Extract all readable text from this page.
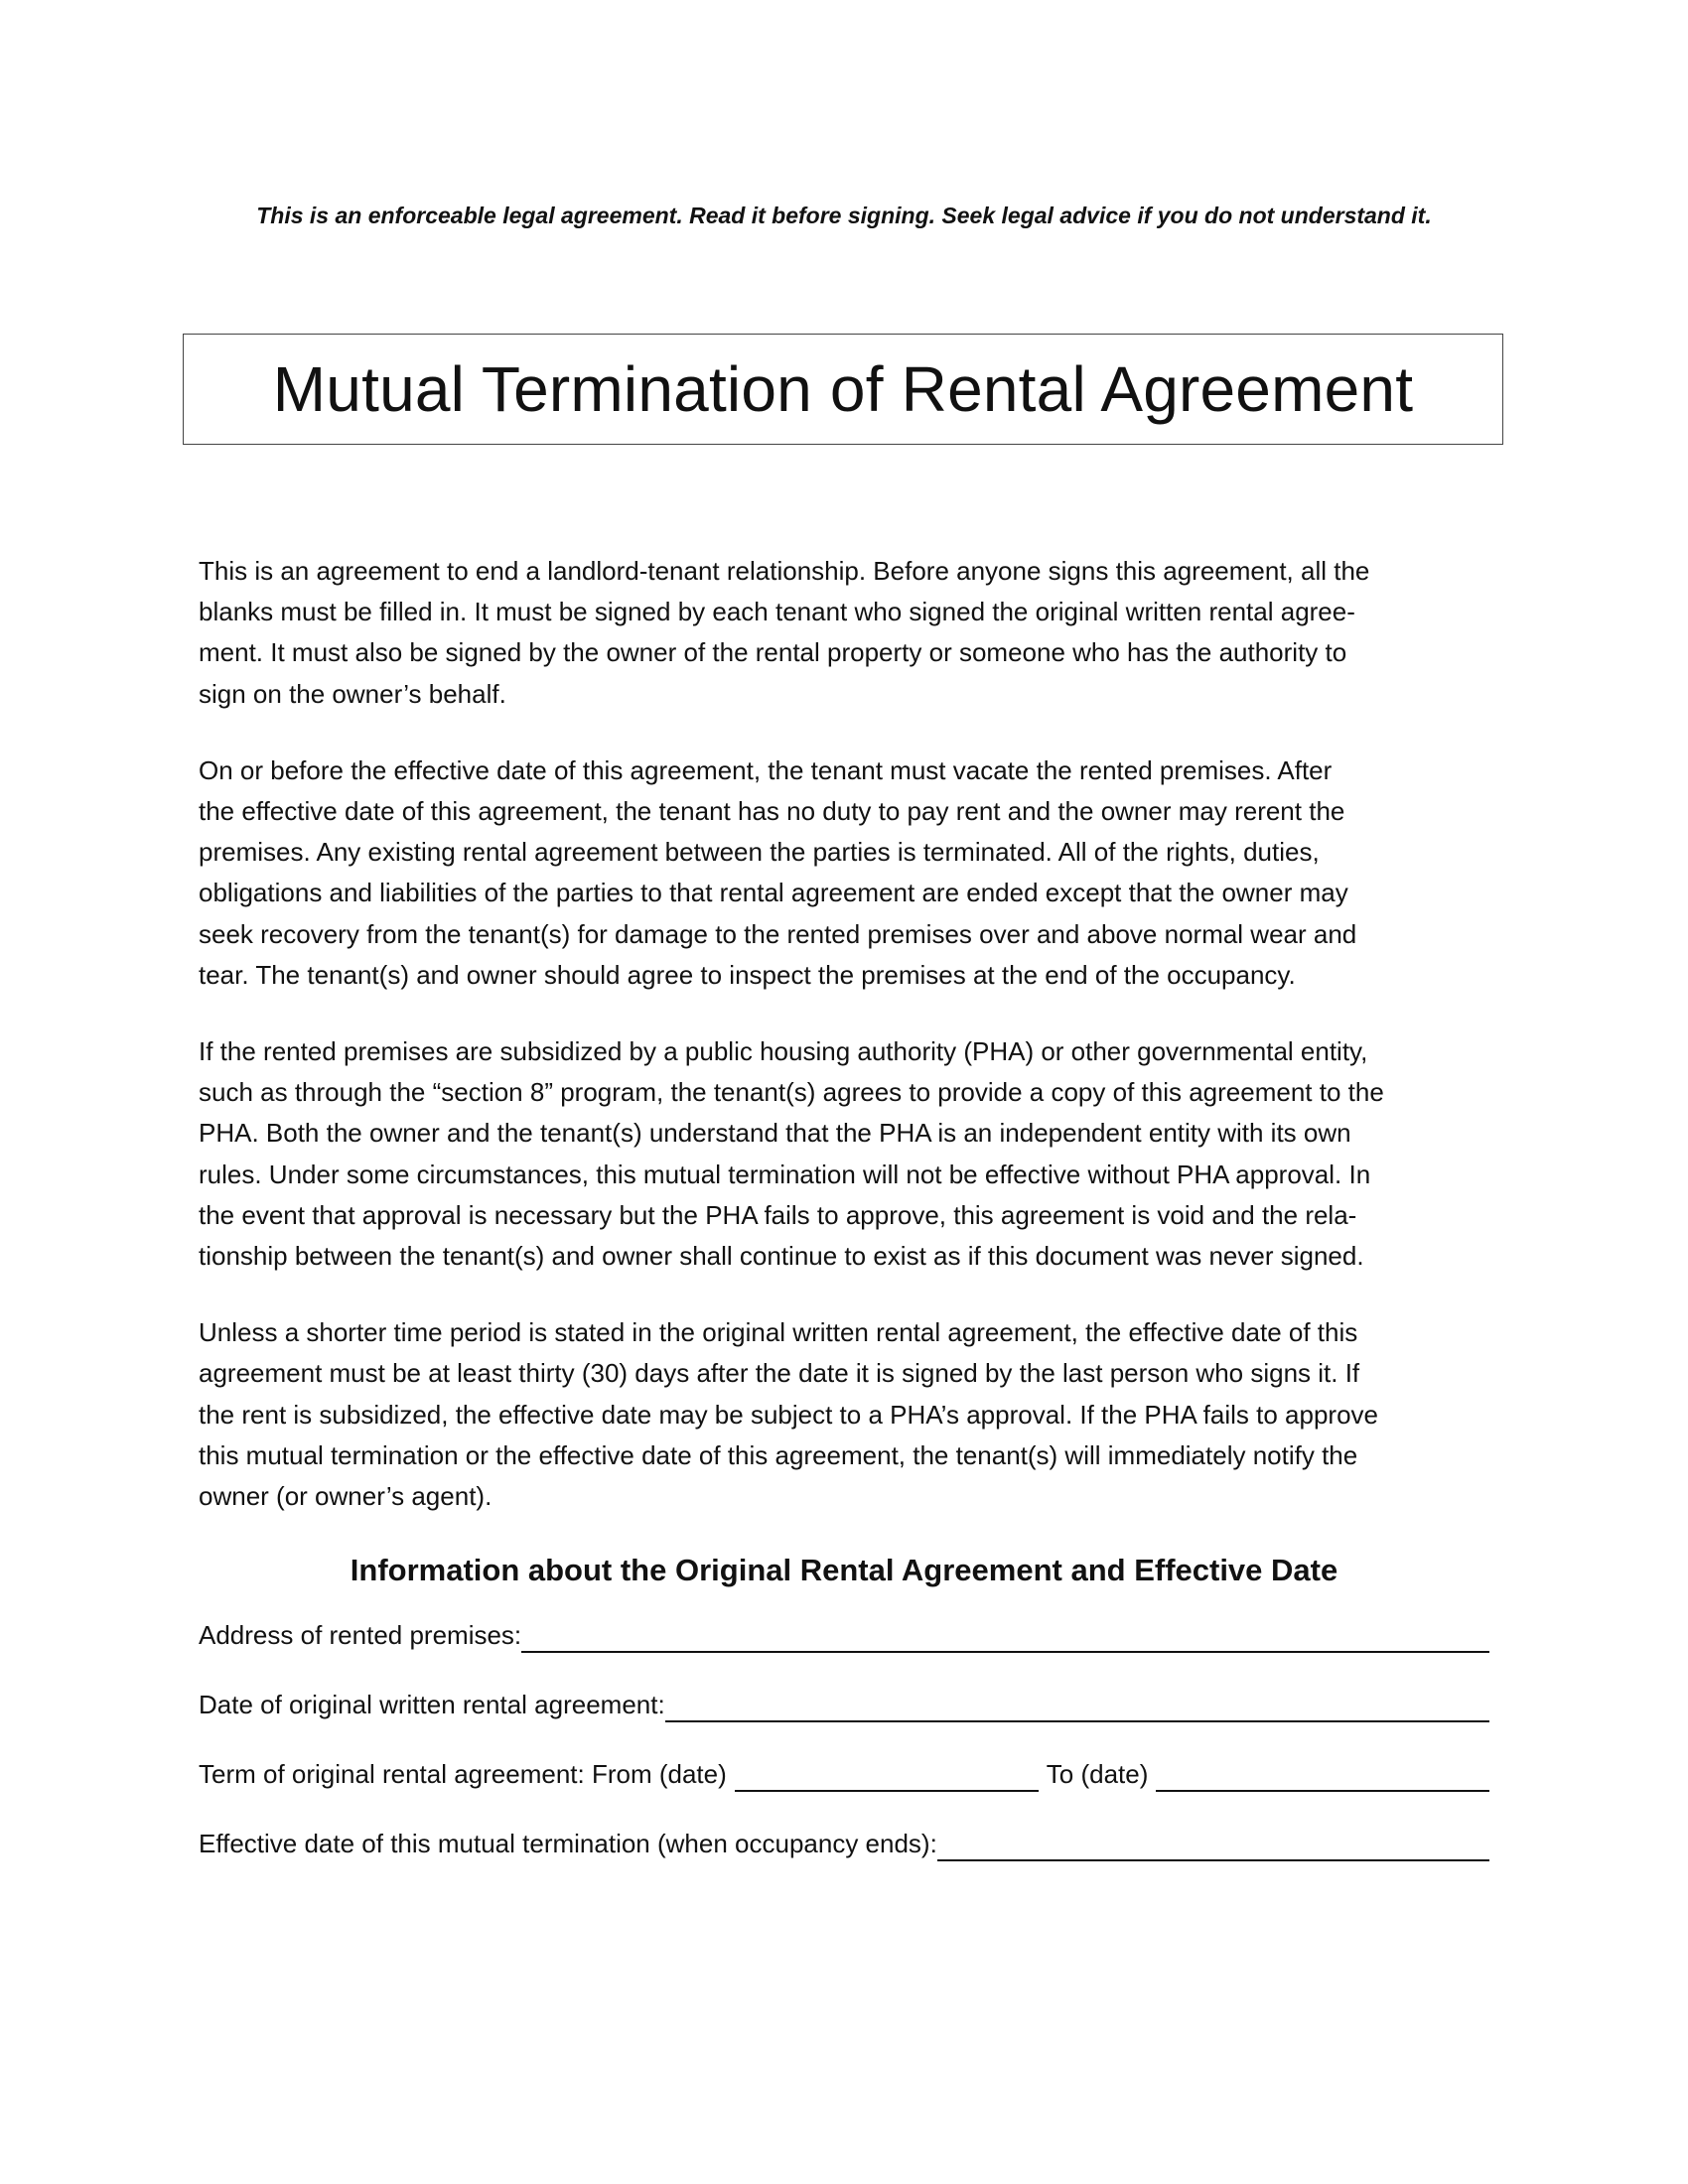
This is an enforceable legal agreement. Read it before signing. Seek legal advice if you do not understand it.
Mutual Termination of Rental Agreement

This is an agreement to end a landlord-tenant relationship. Before anyone signs this agreement, all the
blanks must be filled in. It must be signed by each tenant who signed the original written rental agree-
ment. It must also be signed by the owner of the rental property or someone who has the authority to
sign on the owner’s behalf.

On or before the effective date of this agreement, the tenant must vacate the rented premises. After
the effective date of this agreement, the tenant has no duty to pay rent and the owner may rerent the
premises. Any existing rental agreement between the parties is terminated. All of the rights, duties,
obligations and liabilities of the parties to that rental agreement are ended except that the owner may
seek recovery from the tenant(s) for damage to the rented premises over and above normal wear and
tear. The tenant(s) and owner should agree to inspect the premises at the end of the occupancy.

If the rented premises are subsidized by a public housing authority (PHA) or other governmental entity,
such as through the “section 8” program, the tenant(s) agrees to provide a copy of this agreement to the
PHA. Both the owner and the tenant(s) understand that the PHA is an independent entity with its own
rules. Under some circumstances, this mutual termination will not be effective without PHA approval. In
the event that approval is necessary but the PHA fails to approve, this agreement is void and the rela-
tionship between the tenant(s) and owner shall continue to exist as if this document was never signed.

Unless a shorter time period is stated in the original written rental agreement, the effective date of this
agreement must be at least thirty (30) days after the date it is signed by the last person who signs it. If
the rent is subsidized, the effective date may be subject to a PHA’s approval. If the PHA fails to approve
this mutual termination or the effective date of this agreement, the tenant(s) will immediately notify the
owner (or owner’s agent).

Information about the Original Rental Agreement and Effective Date
Address of rented premises:
Date of original written rental agreement:
Term of original rental agreement: From (date)	To (date)
Effective date of this mutual termination (when occupancy ends):
